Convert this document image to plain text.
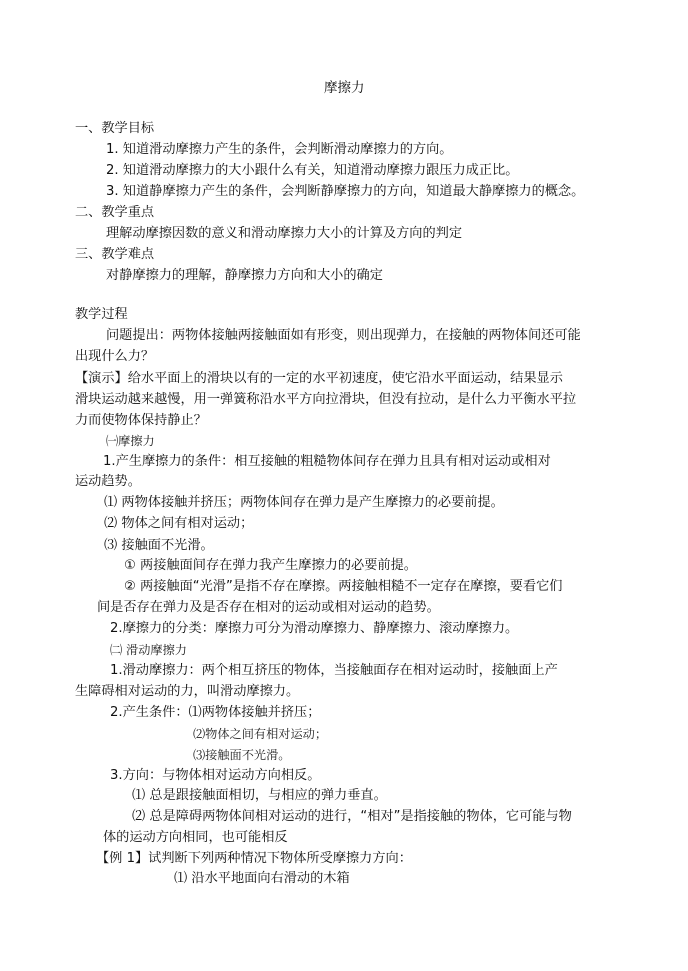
摩擦力
一、教学目标
1. 知道滑动摩擦力产生的条件，会判断滑动摩擦力的方向。
2. 知道滑动摩擦力的大小跟什么有关，知道滑动摩擦力跟压力成正比。
3. 知道静摩擦力产生的条件，会判断静摩擦力的方向，知道最大静摩擦力的概念。
二、教学重点
理解动摩擦因数的意义和滑动摩擦力大小的计算及方向的判定
三、教学难点
对静摩擦力的理解，静摩擦力方向和大小的确定
教学过程
问题提出：两物体接触两接触面如有形变，则出现弹力，在接触的两物体间还可能
出现什么力？
【演示】给水平面上的滑块以有的一定的水平初速度，使它沿水平面运动，结果显示
滑块运动越来越慢，用一弹簧称沿水平方向拉滑块，但没有拉动，是什么力平衡水平拉
力而使物体保持静止？
㈠摩擦力
1.产生摩擦力的条件：相互接触的粗糙物体间存在弹力且具有相对运动或相对
运动趋势。
⑴ 两物体接触并挤压；两物体间存在弹力是产生摩擦力的必要前提。
⑵ 物体之间有相对运动；
⑶ 接触面不光滑。
① 两接触面间存在弹力我产生摩擦力的必要前提。
② 两接触面“光滑”是指不存在摩擦。两接触相糙不一定存在摩擦，要看它们
间是否存在弹力及是否存在相对的运动或相对运动的趋势。
2.摩擦力的分类：摩擦力可分为滑动摩擦力、静摩擦力、滚动摩擦力。
㈡ 滑动摩擦力
1.滑动摩擦力：两个相互挤压的物体，当接触面存在相对运动时，接触面上产
生障碍相对运动的力，叫滑动摩擦力。
2.产生条件：⑴两物体接触并挤压；
⑵物体之间有相对运动；
⑶接触面不光滑。
3.方向：与物体相对运动方向相反。
⑴ 总是跟接触面相切，与相应的弹力垂直。
⑵ 总是障碍两物体间相对运动的进行，“相对”是指接触的物体，它可能与物
体的运动方向相同，也可能相反
【例 1】试判断下列两种情况下物体所受摩擦力方向：
⑴ 沿水平地面向右滑动的木箱
